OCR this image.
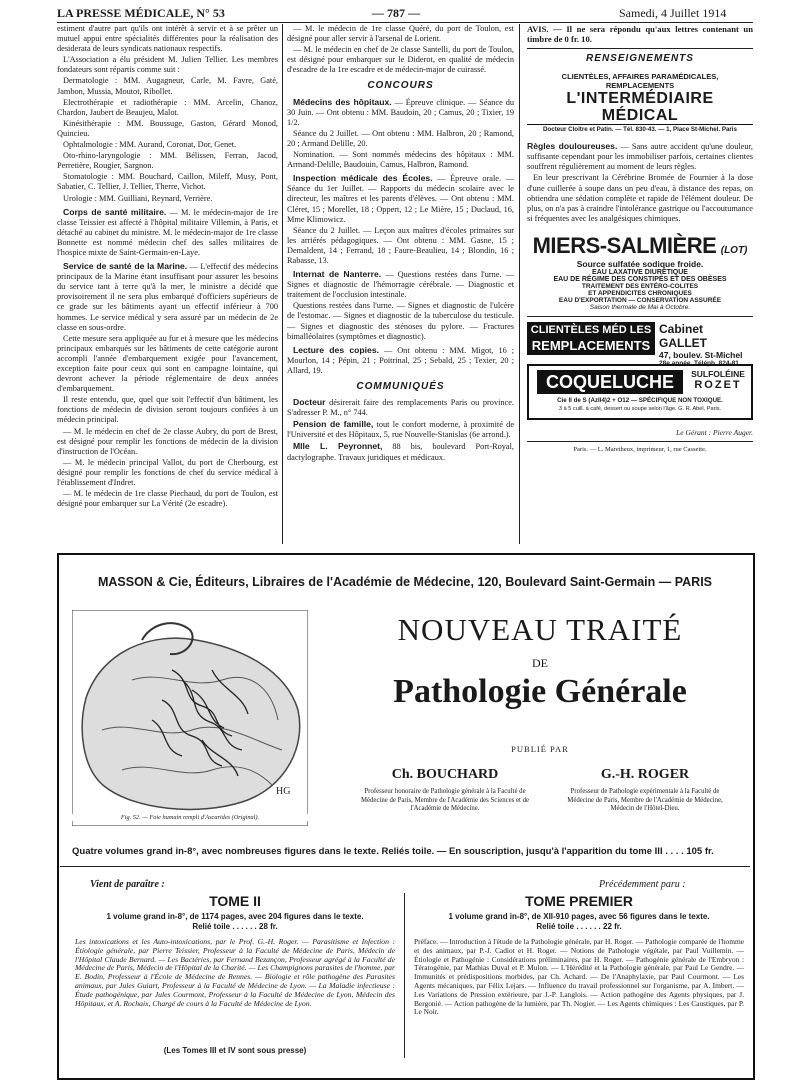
LA PRESSE MÉDICALE, N° 53	— 787 —	Samedi, 4 Juillet 1914

estiment d'autre part qu'ils ont intérêt à servir et à se prêter un mutuel appui entre spécialités différentes pour la réalisation des desiderata de leurs syndicats nationaux respectifs.

L'Association a élu président M. Julien Tellier. Les membres fondateurs sont répartis comme suit :

Dermatologie : MM. Augagneur, Carle, M. Favre, Gaté, Jambon, Mussia, Moutot, Ribollet.

Electrothérapie et radiothérapie : MM. Arcelin, Chanoz, Chardon, Jaubert de Beaujeu, Malot.

Kinésithérapie : MM. Boussuge, Gaston, Gérard Monod, Quincieu.

Ophtalmologie : MM. Aurand, Coronat, Dor, Genet.

Oto-rhino-laryngologie : MM. Bélissen, Ferran, Jacod, Perretière, Rougier, Sargnon.

Stomatologie : MM. Bouchard, Caillon, Mileff, Musy, Pont, Sabatier, C. Tellier, J. Tellier, Therre, Vichot.

Urologie : MM. Guilliani, Reynard, Verrière.

Corps de santé militaire. — M. le médecin-major de 1re classe Teissier est affecté à l'hôpital militaire Villemin, à Paris, et détaché au cabinet du ministre. M. le médecin-major de 1re classe Bonnette est nommé médecin chef des salles militaires de l'hospice mixte de Saint-Germain-en-Laye.

Service de santé de la Marine. — L'effectif des médecins principaux de la Marine étant insuffisant pour assurer les besoins du service tant à terre qu'à la mer, le ministre a décidé que provisoirement il ne sera plus embarqué d'officiers supérieurs de ce grade sur les bâtiments ayant un effectif inférieur à 700 hommes. Le service médical y sera assuré par un médecin de 2e classe en sous-ordre.

Cette mesure sera appliquée au fur et à mesure que les médecins principaux embarqués sur les bâtiments de cette catégorie auront accompli l'année d'embarquement exigée pour l'avancement, exception faite pour ceux qui sont en campagne lointaine, qui devront achever la période réglementaire de deux années d'embarquement.

Il reste entendu, que, quel que soit l'effectif d'un bâtiment, les fonctions de médecin de division seront toujours confiées à un médecin principal.

— M. le médecin en chef de 2e classe Aubry, du port de Brest, est désigné pour remplir les fonctions de médecin de la division d'instruction de l'Océan.

— M. le médecin principal Vallot, du port de Cherbourg, est désigné pour remplir les fonctions de chef du service médical à l'établissement d'Indret.

— M. le médecin de 1re classe Piechaud, du port de Toulon, est désigné pour embarquer sur La Vérité (2e escadre).

— M. le médecin de 1re classe Quéré, du port de Toulon, est désigné pour aller servir à l'arsenal de Lorient.

— M. le médecin en chef de 2e classe Santelli, du port de Toulon, est désigné pour embarquer sur le Diderot, en qualité de médecin d'escadre de la 1re escadre et de médecin-major de cuirassé.

CONCOURS

Médecins des hôpitaux. — Épreuve clinique. — Séance du 30 Juin. — Ont obtenu : MM. Baudoin, 20 ; Camus, 20 ; Tixier, 19 1/2.

Séance du 2 Juillet. — Ont obtenu : MM. Halbron, 20 ; Ramond, 20 ; Armand Delille, 20.

Nomination. — Sont nommés médecins des hôpitaux : MM. Armand-Delille, Baudouin, Camus, Halbron, Ramond.

Inspection médicale des Écoles. — Épreuve orale. — Séance du 1er Juillet. — Rapports du médecin scolaire avec le directeur, les maîtres et les parents d'élèves. — Ont obtenu : MM. Cléret, 15 ; Morellet, 18 ; Oppert, 12 ; Le Mière, 15 ; Duclaud, 16, Mme Klimowicz.

Séance du 2 Juillet. — Leçon aux maîtres d'écoles primaires sur les arriérés pédagogiques. — Ont obtenu : MM. Gasne, 15 ; Demaldent, 14 ; Ferrand, 18 ; Faure-Beaulieu, 14 ; Blondin, 16 ; Rabasse, 13.

Internat de Nanterre. — Questions restées dans l'urne. — Signes et diagnostic de l'hémorragie cérébrale. — Diagnostic et traitement de l'occlusion intestinale.

Questions restées dans l'urne. — Signes et diagnostic de l'ulcère de l'estomac. — Signes et diagnostic de la tuberculose du testicule. — Signes et diagnostic des sténoses du pylore. — Fractures bimalléolaires (symptômes et diagnostic).

Lecture des copies. — Ont obtenu : MM. Migot, 16 ; Mourlon, 14 ; Pépin, 21 ; Poitrinal, 25 ; Sebald, 25 ; Texier, 20 ; Allard, 19.

COMMUNIQUÉS

Docteur désirerait faire des remplacements Paris ou province. S'adresser P. M., n° 744.

Pension de famille, tout le confort moderne, à proximité de l'Université et des Hôpitaux, 5, rue Nouvelle-Stanislas (6e arrond.).

Mlle L. Peyronnet, 88 bis, boulevard Port-Royal, dactylographe. Travaux juridiques et médicaux.

AVIS. — Il ne sera répondu qu'aux lettres contenant un timbre de 0 fr. 10.
RENSEIGNEMENTS
CLIENTÈLES, AFFAIRES PARAMÉDICALES, REMPLACEMENTS
L'INTERMÉDIAIRE MÉDICAL
Docteur Cloître et Patin. — Tél. 830-43. — 1, Place St-Michel. Paris

Règles douloureuses. — Sans autre accident qu'une douleur, suffisante cependant pour les immobiliser parfois, certaines clientes souffrent régulièrement au moment de leurs règles.

En leur prescrivant la Cérébrine Bromée de Fournier à la dose d'une cuillerée à soupe dans un peu d'eau, à distance des repas, on obtiendra une sédation complète et rapide de l'élément douleur. De plus, on n'a pas à craindre l'intolérance gastrique ou l'accoutumance si fréquentes avec les analgésiques chimiques.

MIERS-SALMIÈRE (LOT)
Source sulfatée sodique froide.
EAU LAXATIVE DIURÉTIQUE
EAU DE RÉGIME DES CONSTIPÉS ET DES OBÈSES
TRAITEMENT DES ENTÉRO-COLITES
ET APPENDICITES CHRONIQUES
EAU D'EXPORTATION — CONSERVATION ASSURÉE
Saison thermale de Mai à Octobre.
CLIENTÈLES MÉD LES
REMPLACEMENTS
Cabinet GALLET
47, boulev. St-Michel
28e année. Téléph. 824-81
COQUELUCHE	SULFOLÉINE
ROZET
Cie II de S (AzII4)2 + O12 — SPÉCIFIQUE NON TOXIQUE.
3 à 5 cuill. à café, dessert ou soupe selon l'âge. G. R. Abel, Paris.
Le Gérant : Pierre Auger.
Paris. — L. Maretheux, imprimeur, 1, rue Cassette.
MASSON & Cie, Éditeurs, Libraires de l'Académie de Médecine, 120, Boulevard Saint-Germain — PARIS
HG
Fig. 52. — Foie humain rempli d'Ascarides (Original).
NOUVEAU TRAITÉ
DE
Pathologie Générale
PUBLIÉ PAR
Ch. BOUCHARD
Professeur honoraire de Pathologie générale à la Faculté de Médecine de Paris, Membre de l'Académie des Sciences et de l'Académie de Médecine.
G.-H. ROGER
Professeur de Pathologie expérimentale à la Faculté de Médecine de Paris, Membre de l'Académie de Médecine, Médecin de l'Hôtel-Dieu.
Quatre volumes grand in-8°, avec nombreuses figures dans le texte. Reliés toile. — En souscription, jusqu'à l'apparition du tome III . . . . 105 fr.
Vient de paraître :	Précédemment paru :
TOME II
1 volume grand in-8°, de 1174 pages, avec 204 figures dans le texte.
Relié toile . . . . . . 28 fr.
Les intoxications et les Auto-intoxications, par le Prof. G.-H. Roger. — Parasitisme et Infection : Étiologie générale, par Pierre Teissier, Professeur à la Faculté de Médecine de Paris, Médecin de l'Hôpital Claude Bernard. — Les Bactéries, par Fernand Bezançon, Professeur agrégé à la Faculté de Médecine de Paris, Médecin de l'Hôpital de la Charité. — Les Champignons parasites de l'homme, par E. Bodin, Professeur à l'École de Médecine de Rennes. — Biologie et rôle pathogène des Parasites animaux, par Jules Guiart, Professeur à la Faculté de Médecine de Lyon. — La Maladie infectieuse : Étude pathogénique, par Jules Courmont, Professeur à la Faculté de Médecine de Lyon, Médecin des Hôpitaux, et A. Rochaix, Chargé de cours à la Faculté de Médecine de Lyon.
(Les Tomes III et IV sont sous presse)
TOME PREMIER
1 volume grand in-8°, de XII-910 pages, avec 56 figures dans le texte.
Relié toile . . . . . . 22 fr.
Préface. — Introduction à l'étude de la Pathologie générale, par H. Roger. — Pathologie comparée de l'homme et des animaux, par P.-J. Cadiot et H. Roger. — Notions de Pathologie végétale, par Paul Vuillemin. — Étiologie et Pathogénie : Considérations préliminaires, par H. Roger. — Pathogénie générale de l'Embryon : Tératogénie, par Mathias Duval et P. Mulon. — L'Hérédité et la Pathologie générale, par Paul Le Gendre. — Immunités et prédispositions morbides, par Ch. Achard. — De l'Anaphylaxie, par Paul Courmont. — Les Agents mécaniques, par Félix Lejars. — Influence du travail professionnel sur l'organisme, par A. Imbert. — Les Variations de Pression extérieure, par J.-P. Langlois. — Action pathogène des Agents physiques, par J. Bergonié. — Action pathogène de la lumière, par Th. Nogier. — Les Agents chimiques : Les Caustiques, par P. Le Noir.
